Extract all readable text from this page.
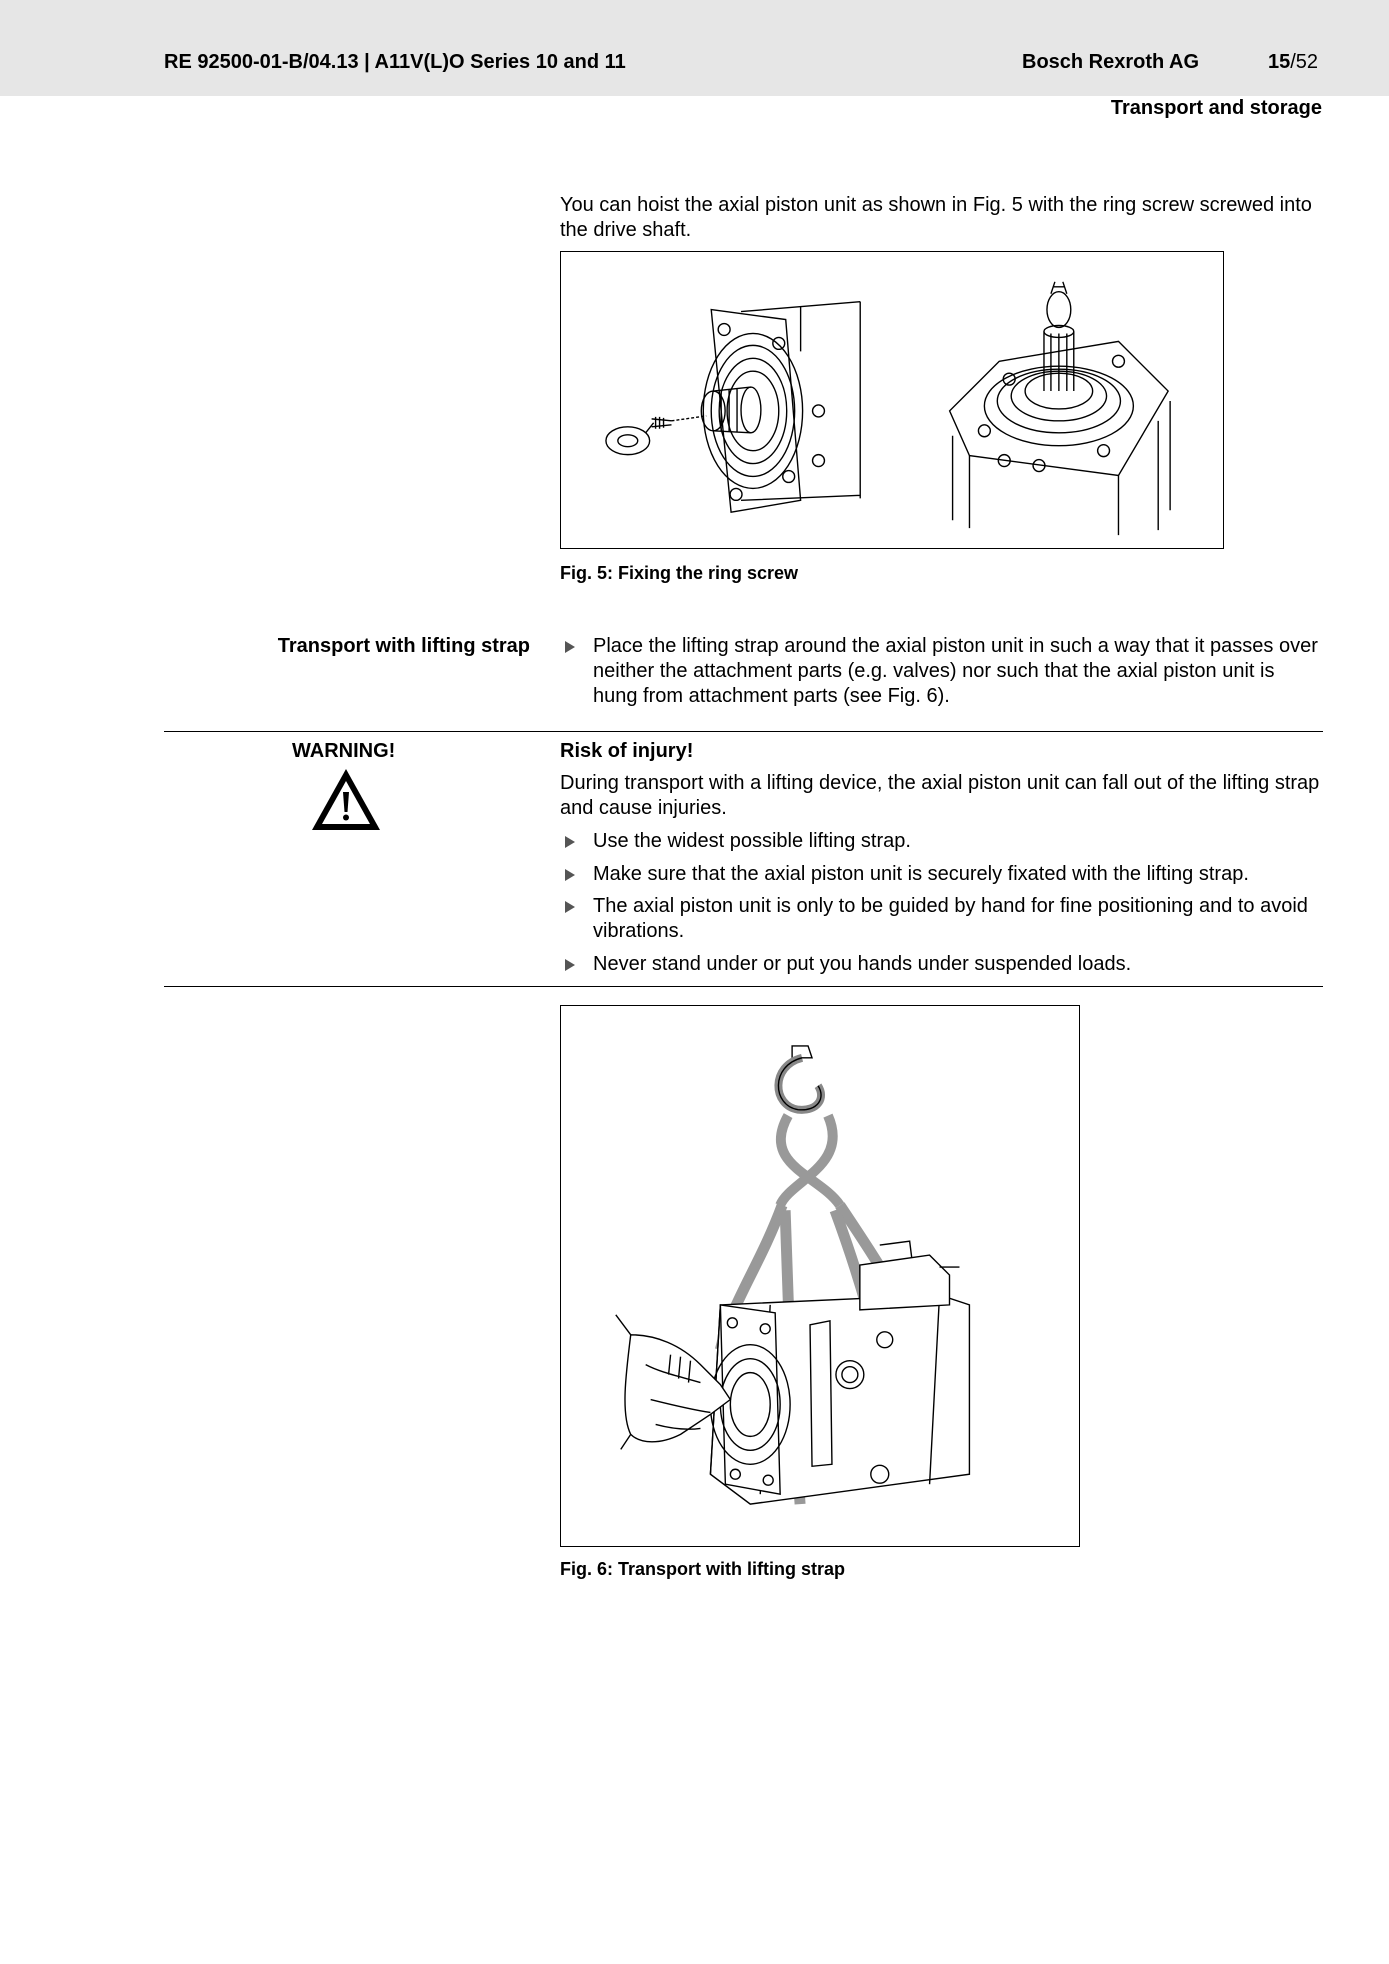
RE 92500-01-B/04.13 | A11V(L)O Series 10 and 11	Bosch Rexroth AG	15/52
Transport and storage
You can hoist the axial piston unit as shown in Fig. 5 with the ring screw screwed into the drive shaft.
Fig. 5: Fixing the ring screw
Transport with lifting strap	Place the lifting strap around the axial piston unit in such a way that it passes over neither the attachment parts (e.g. valves) nor such that the axial piston unit is hung from attachment parts (see Fig. 6).
WARNING!	Risk of injury!
During transport with a lifting device, the axial piston unit can fall out of the lifting strap and cause injuries.
Use the widest possible lifting strap.
Make sure that the axial piston unit is securely fixated with the lifting strap.
The axial piston unit is only to be guided by hand for fine positioning and to avoid vibrations.
Never stand under or put you hands under suspended loads.
Fig. 6: Transport with lifting strap
